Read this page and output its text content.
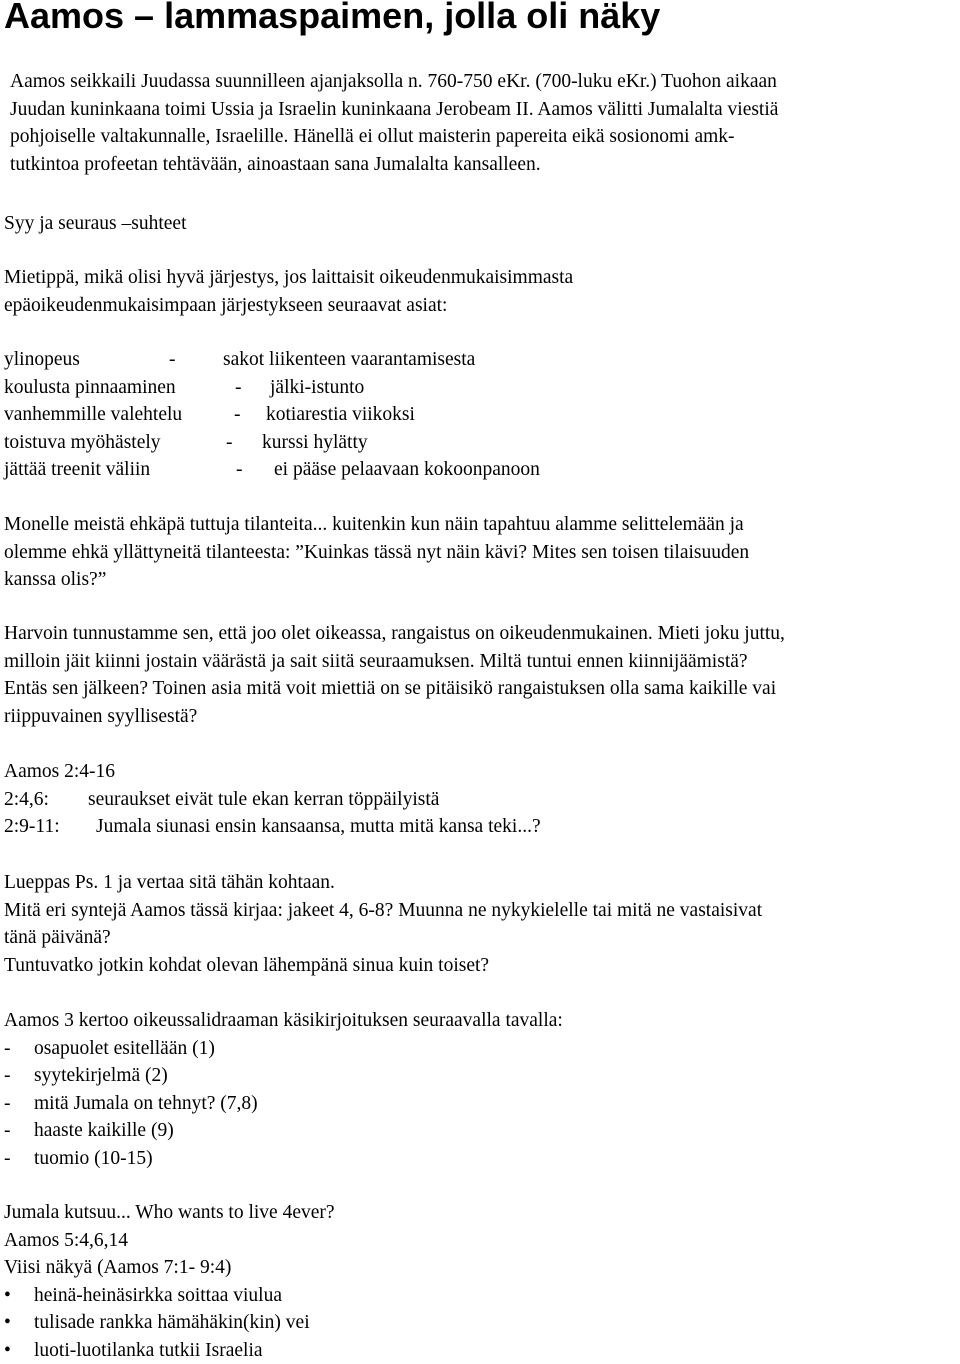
Aamos – lammaspaimen, jolla oli näky

Aamos seikkaili Juudassa suunnilleen ajanjaksolla n. 760-750 eKr. (700-luku eKr.) Tuohon aikaan
Juudan kuninkaana toimi Ussia ja Israelin kuninkaana Jerobeam II. Aamos välitti Jumalalta viestiä
pohjoiselle valtakunnalle, Israelille. Hänellä ei ollut maisterin papereita eikä sosionomi amk-
tutkintoa profeetan tehtävään, ainoastaan sana Jumalalta kansalleen.

Syy ja seuraus –suhteet

Mietippä, mikä olisi hyvä järjestys, jos laittaisit oikeudenmukaisimmasta
epäoikeudenmukaisimpaan järjestykseen seuraavat asiat:

ylinopeus	- sakot liikenteen vaarantamisesta
koulusta pinnaaminen	- jälki-istunto
vanhemmille valehtelu	- kotiarestia viikoksi
toistuva myöhästely	- kurssi hylätty
jättää treenit väliin	- ei pääse pelaavaan kokoonpanoon

Monelle meistä ehkäpä tuttuja tilanteita... kuitenkin kun näin tapahtuu alamme selittelemään ja
olemme ehkä yllättyneitä tilanteesta: ”Kuinkas tässä nyt näin kävi? Mites sen toisen tilaisuuden
kanssa olis?”

Harvoin tunnustamme sen, että joo olet oikeassa, rangaistus on oikeudenmukainen. Mieti joku juttu,
milloin jäit kiinni jostain väärästä ja sait siitä seuraamuksen. Miltä tuntui ennen kiinnijäämistä?
Entäs sen jälkeen? Toinen asia mitä voit miettiä on se pitäisikö rangaistuksen olla sama kaikille vai
riippuvainen syyllisestä?

Aamos 2:4-16
2:4,6: seuraukset eivät tule ekan kerran töppäilyistä
2:9-11: Jumala siunasi ensin kansaansa, mutta mitä kansa teki...?

Lueppas Ps. 1 ja vertaa sitä tähän kohtaan.
Mitä eri syntejä Aamos tässä kirjaa: jakeet 4, 6-8? Muunna ne nykykielelle tai mitä ne vastaisivat
tänä päivänä?
Tuntuvatko jotkin kohdat olevan lähempänä sinua kuin toiset?

Aamos 3 kertoo oikeussalidraaman käsikirjoituksen seuraavalla tavalla:
- osapuolet esitellään (1)
- syytekirjelmä (2)
- mitä Jumala on tehnyt? (7,8)
- haaste kaikille (9)
- tuomio (10-15)
Jumala kutsuu... Who wants to live 4ever?
Aamos 5:4,6,14
Viisi näkyä (Aamos 7:1- 9:4)
• heinä-heinäsirkka soittaa viulua
• tulisade rankka hämähäkin(kin) vei
• luoti-luotilanka tutkii Israelia
